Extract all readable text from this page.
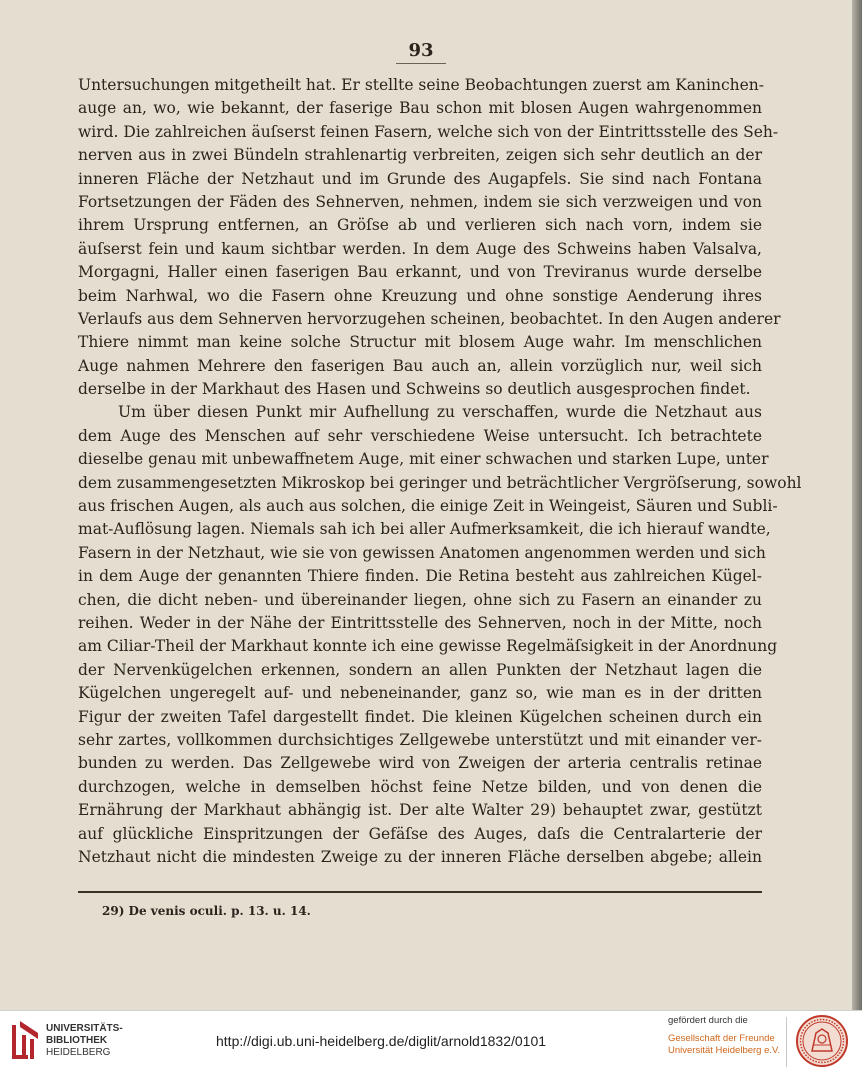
93
Untersuchungen mitgetheilt hat. Er stellte seine Beobachtungen zuerst am Kaninchen-
auge an, wo, wie bekannt, der faserige Bau schon mit blosen Augen wahrgenommen
wird. Die zahlreichen äuſserst feinen Fasern, welche sich von der Eintrittsstelle des Seh-
nerven aus in zwei Bündeln strahlenartig verbreiten, zeigen sich sehr deutlich an der
inneren Fläche der Netzhaut und im Grunde des Augapfels. Sie sind nach Fontana
Fortsetzungen der Fäden des Sehnerven, nehmen, indem sie sich verzweigen und von
ihrem Ursprung entfernen, an Gröſse ab und verlieren sich nach vorn, indem sie
äuſserst fein und kaum sichtbar werden. In dem Auge des Schweins haben Valsalva,
Morgagni, Haller einen faserigen Bau erkannt, und von Treviranus wurde derselbe
beim Narhwal, wo die Fasern ohne Kreuzung und ohne sonstige Aenderung ihres
Verlaufs aus dem Sehnerven hervorzugehen scheinen, beobachtet. In den Augen anderer
Thiere nimmt man keine solche Structur mit blosem Auge wahr. Im menschlichen
Auge nahmen Mehrere den faserigen Bau auch an, allein vorzüglich nur, weil sich
derselbe in der Markhaut des Hasen und Schweins so deutlich ausgesprochen findet.
Um über diesen Punkt mir Aufhellung zu verschaffen, wurde die Netzhaut aus
dem Auge des Menschen auf sehr verschiedene Weise untersucht. Ich betrachtete
dieselbe genau mit unbewaffnetem Auge, mit einer schwachen und starken Lupe, unter
dem zusammengesetzten Mikroskop bei geringer und beträchtlicher Vergröſserung, sowohl
aus frischen Augen, als auch aus solchen, die einige Zeit in Weingeist, Säuren und Subli-
mat-Auflösung lagen. Niemals sah ich bei aller Aufmerksamkeit, die ich hierauf wandte,
Fasern in der Netzhaut, wie sie von gewissen Anatomen angenommen werden und sich
in dem Auge der genannten Thiere finden. Die Retina besteht aus zahlreichen Kügel-
chen, die dicht neben- und übereinander liegen, ohne sich zu Fasern an einander zu
reihen. Weder in der Nähe der Eintrittsstelle des Sehnerven, noch in der Mitte, noch
am Ciliar-Theil der Markhaut konnte ich eine gewisse Regelmäſsigkeit in der Anordnung
der Nervenkügelchen erkennen, sondern an allen Punkten der Netzhaut lagen die
Kügelchen ungeregelt auf- und nebeneinander, ganz so, wie man es in der dritten
Figur der zweiten Tafel dargestellt findet. Die kleinen Kügelchen scheinen durch ein
sehr zartes, vollkommen durchsichtiges Zellgewebe unterstützt und mit einander ver-
bunden zu werden. Das Zellgewebe wird von Zweigen der arteria centralis retinae
durchzogen, welche in demselben höchst feine Netze bilden, und von denen die
Ernährung der Markhaut abhängig ist. Der alte Walter 29) behauptet zwar, gestützt
auf glückliche Einspritzungen der Gefäſse des Auges, daſs die Centralarterie der
Netzhaut nicht die mindesten Zweige zu der inneren Fläche derselben abgebe; allein
29) De venis oculi. p. 13. u. 14.
UNIVERSITÄTS-
BIBLIOTHEK
HEIDELBERG
http://digi.ub.uni-heidelberg.de/diglit/arnold1832/0101
gefördert durch die
Gesellschaft der Freunde
Universität Heidelberg e.V.
